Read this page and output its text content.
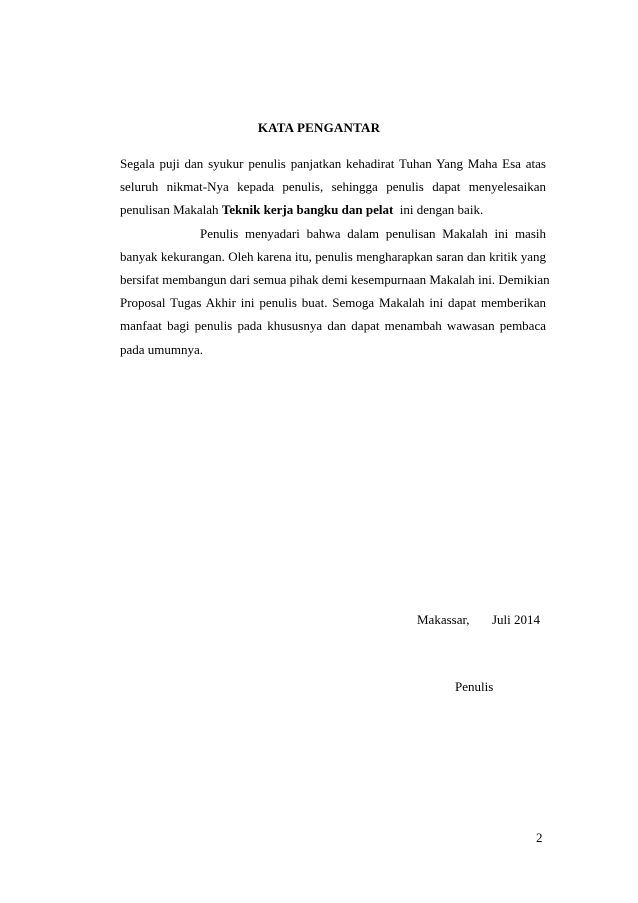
KATA PENGANTAR
Segala puji dan syukur penulis panjatkan kehadirat Tuhan Yang Maha Esa atas
seluruh nikmat-Nya kepada penulis, sehingga penulis dapat menyelesaikan
penulisan Makalah Teknik kerja bangku dan pelat  ini dengan baik.
Penulis menyadari bahwa dalam penulisan Makalah ini masih
banyak kekurangan. Oleh karena itu, penulis mengharapkan saran dan kritik yang
bersifat membangun dari semua pihak demi kesempurnaan Makalah ini. Demikian
Proposal Tugas Akhir ini penulis buat. Semoga Makalah ini dapat memberikan
manfaat bagi penulis pada khususnya dan dapat menambah wawasan pembaca
pada umumnya.
Makassar, Juli 2014
Penulis
2
